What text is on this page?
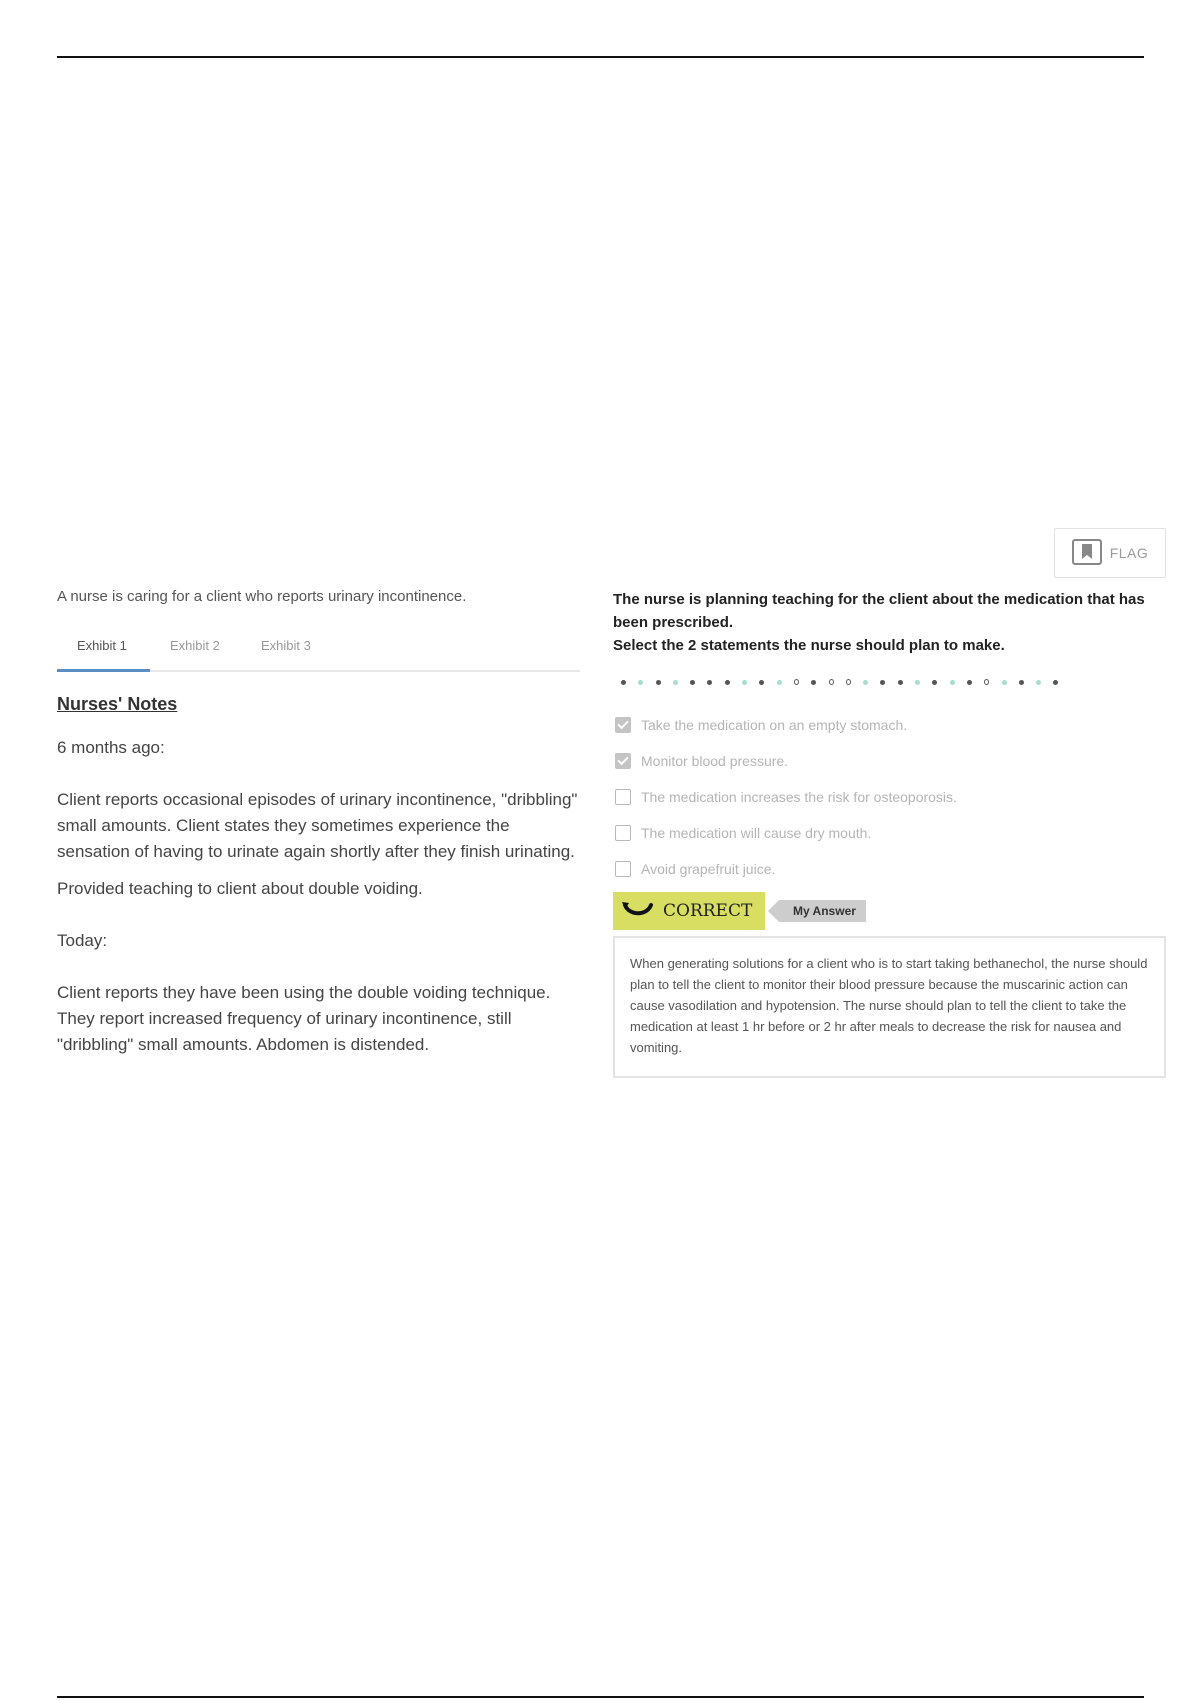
FLAG
A nurse is caring for a client who reports urinary incontinence.
Exhibit 1	Exhibit 2	Exhibit 3
Nurses' Notes
6 months ago:
Client reports occasional episodes of urinary incontinence, "dribbling" small amounts. Client states they sometimes experience the sensation of having to urinate again shortly after they finish urinating.
Provided teaching to client about double voiding.
Today:
Client reports they have been using the double voiding technique. They report increased frequency of urinary incontinence, still "dribbling" small amounts. Abdomen is distended.
The nurse is planning teaching for the client about the medication that has been prescribed.
Select the 2 statements the nurse should plan to make.
Take the medication on an empty stomach.
Monitor blood pressure.
The medication increases the risk for osteoporosis.
The medication will cause dry mouth.
Avoid grapefruit juice.
CORRECT	My Answer
When generating solutions for a client who is to start taking bethanechol, the nurse should plan to tell the client to monitor their blood pressure because the muscarinic action can cause vasodilation and hypotension. The nurse should plan to tell the client to take the medication at least 1 hr before or 2 hr after meals to decrease the risk for nausea and vomiting.
